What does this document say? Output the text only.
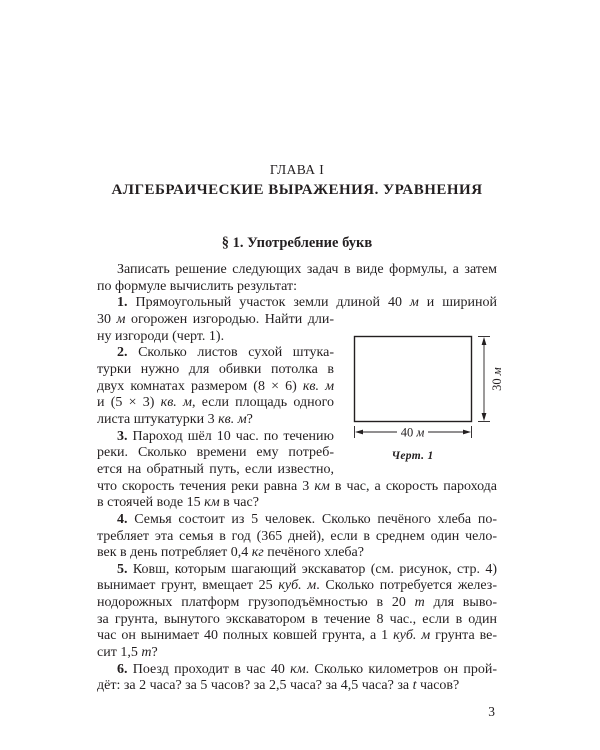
ГЛАВА I
АЛГЕБРАИЧЕСКИЕ ВЫРАЖЕНИЯ. УРАВНЕНИЯ
§ 1. Употребление букв
Записать решение следующих задач в виде формулы, а затем
по формуле вычислить результат:
1. Прямоугольный участок земли длиной 40 м и шириной
30 м огорожен изгородью. Найти дли-
ну изгороди (черт. 1).
2. Сколько листов сухой штука-
турки нужно для обивки потолка в
двух комнатах размером (8 × 6) кв. м
и (5 × 3) кв. м, если площадь одного
листа штукатурки 3 кв. м?
3. Пароход шёл 10 час. по течению
реки. Сколько времени ему потреб-
ется на обратный путь, если известно,
что скорость течения реки равна 3 км в час, а скорость парохода
в стоячей воде 15 км в час?
4. Семья состоит из 5 человек. Сколько печёного хлеба по-
требляет эта семья в год (365 дней), если в среднем один чело-
век в день потребляет 0,4 кг печёного хлеба?
5. Ковш, которым шагающий экскаватор (см. рисунок, стр. 4)
вынимает грунт, вмещает 25 куб. м. Сколько потребуется желез-
нодорожных платформ грузоподъёмностью в 20 т для выво-
за грунта, вынутого экскаватором в течение 8 час., если в один
час он вынимает 40 полных ковшей грунта, а 1 куб. м грунта ве-
сит 1,5 т?
6. Поезд проходит в час 40 км. Сколько километров он прой-
дёт: за 2 часа? за 5 часов? за 2,5 часа? за 4,5 часа? за t часов?
40 м
30 м
Черт. 1
3
